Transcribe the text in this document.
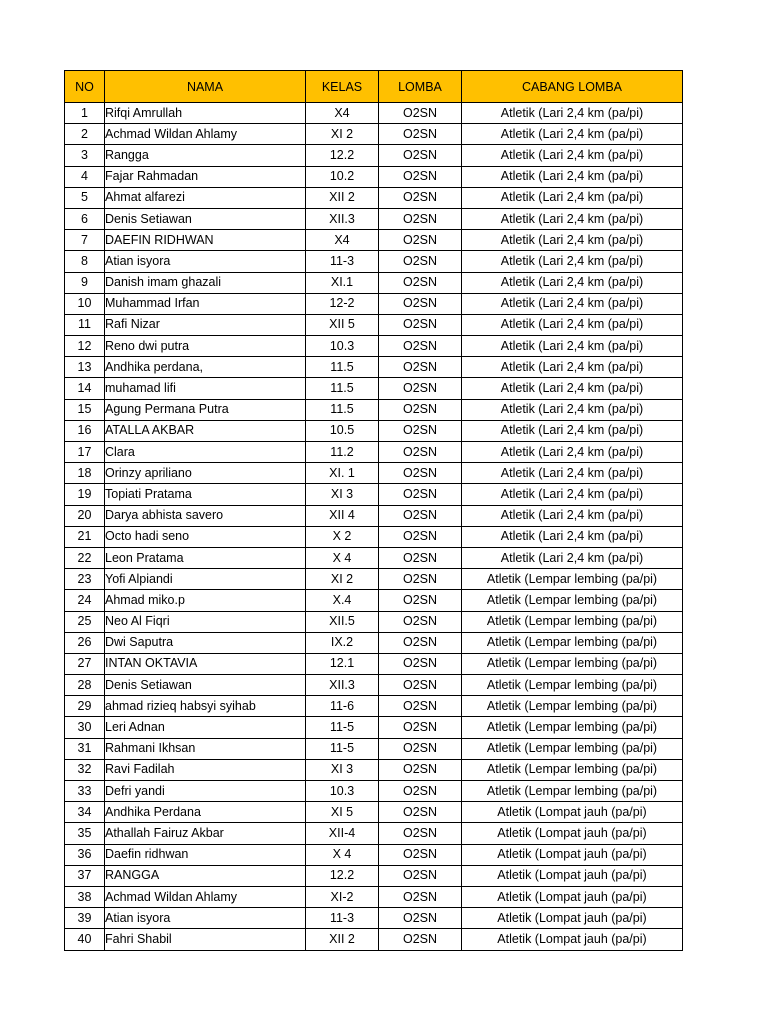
NO	NAMA	KELAS	LOMBA	CABANG LOMBA
1	Rifqi Amrullah	X4	O2SN	Atletik (Lari 2,4 km (pa/pi)
2	Achmad Wildan Ahlamy	XI 2	O2SN	Atletik (Lari 2,4 km (pa/pi)
3	Rangga	12.2	O2SN	Atletik (Lari 2,4 km (pa/pi)
4	Fajar Rahmadan	10.2	O2SN	Atletik (Lari 2,4 km (pa/pi)
5	Ahmat alfarezi	XII 2	O2SN	Atletik (Lari 2,4 km (pa/pi)
6	Denis Setiawan	XII.3	O2SN	Atletik (Lari 2,4 km (pa/pi)
7	DAEFIN RIDHWAN	X4	O2SN	Atletik (Lari 2,4 km (pa/pi)
8	Atian isyora	11-3	O2SN	Atletik (Lari 2,4 km (pa/pi)
9	Danish imam ghazali	XI.1	O2SN	Atletik (Lari 2,4 km (pa/pi)
10	Muhammad Irfan	12-2	O2SN	Atletik (Lari 2,4 km (pa/pi)
11	Rafi Nizar	XII 5	O2SN	Atletik (Lari 2,4 km (pa/pi)
12	Reno dwi putra	10.3	O2SN	Atletik (Lari 2,4 km (pa/pi)
13	Andhika perdana,	11.5	O2SN	Atletik (Lari 2,4 km (pa/pi)
14	muhamad lifi	11.5	O2SN	Atletik (Lari 2,4 km (pa/pi)
15	Agung Permana Putra	11.5	O2SN	Atletik (Lari 2,4 km (pa/pi)
16	ATALLA AKBAR	10.5	O2SN	Atletik (Lari 2,4 km (pa/pi)
17	Clara	11.2	O2SN	Atletik (Lari 2,4 km (pa/pi)
18	Orinzy apriliano	XI. 1	O2SN	Atletik (Lari 2,4 km (pa/pi)
19	Topiati Pratama	XI 3	O2SN	Atletik (Lari 2,4 km (pa/pi)
20	Darya abhista savero	XII 4	O2SN	Atletik (Lari 2,4 km (pa/pi)
21	Octo hadi seno	X 2	O2SN	Atletik (Lari 2,4 km (pa/pi)
22	Leon Pratama	X 4	O2SN	Atletik (Lari 2,4 km (pa/pi)
23	Yofi Alpiandi	XI 2	O2SN	Atletik (Lempar lembing (pa/pi)
24	Ahmad miko.p	X.4	O2SN	Atletik (Lempar lembing (pa/pi)
25	Neo Al Fiqri	XII.5	O2SN	Atletik (Lempar lembing (pa/pi)
26	Dwi Saputra	IX.2	O2SN	Atletik (Lempar lembing (pa/pi)
27	INTAN OKTAVIA	12.1	O2SN	Atletik (Lempar lembing (pa/pi)
28	Denis Setiawan	XII.3	O2SN	Atletik (Lempar lembing (pa/pi)
29	ahmad rizieq habsyi syihab	11-6	O2SN	Atletik (Lempar lembing (pa/pi)
30	Leri Adnan	11-5	O2SN	Atletik (Lempar lembing (pa/pi)
31	Rahmani Ikhsan	11-5	O2SN	Atletik (Lempar lembing (pa/pi)
32	Ravi Fadilah	XI 3	O2SN	Atletik (Lempar lembing (pa/pi)
33	Defri yandi	10.3	O2SN	Atletik (Lempar lembing (pa/pi)
34	Andhika Perdana	XI 5	O2SN	Atletik (Lompat jauh (pa/pi)
35	Athallah Fairuz Akbar	XII-4	O2SN	Atletik (Lompat jauh (pa/pi)
36	Daefin ridhwan	X 4	O2SN	Atletik (Lompat jauh (pa/pi)
37	RANGGA	12.2	O2SN	Atletik (Lompat jauh (pa/pi)
38	Achmad Wildan Ahlamy	XI-2	O2SN	Atletik (Lompat jauh (pa/pi)
39	Atian isyora	11-3	O2SN	Atletik (Lompat jauh (pa/pi)
40	Fahri Shabil	XII 2	O2SN	Atletik (Lompat jauh (pa/pi)
